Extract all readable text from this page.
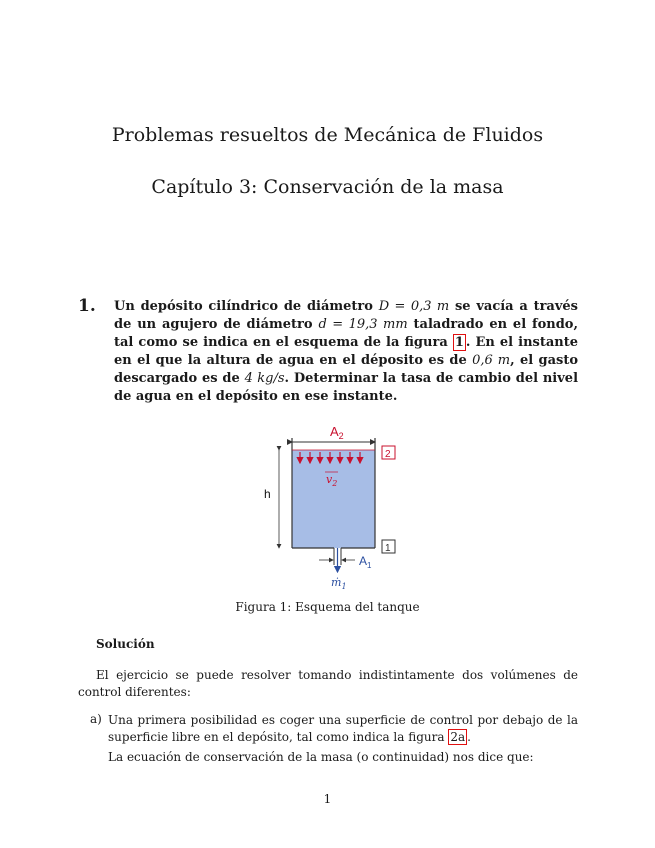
Problemas resueltos de Mecánica de Fluidos
Capítulo 3: Conservación de la masa
1. Un depósito cilíndrico de diámetro D = 0,3 m se vacía a través de un agujero de diámetro d = 19,3 mm taladrado en el fondo, tal como se indica en el esquema de la figura 1 . En el instante en el que la altura de agua en el déposito es de 0,6 m, el gasto descargado es de 4 kg/s. Determinar la tasa de cambio del nivel de agua en el depósito en ese instante.
$A_2$
$v_2$
h
2
1
$A_1$
ṁ$_1$
Figura 1: Esquema del tanque
Solución
El ejercicio se puede resolver tomando indistintamente dos volúmenes de control diferentes:
a) Una primera posibilidad es coger una superficie de control por debajo de la superficie libre en el depósito, tal como indica la figura 2a .
La ecuación de conservación de la masa (o continuidad) nos dice que:
1
